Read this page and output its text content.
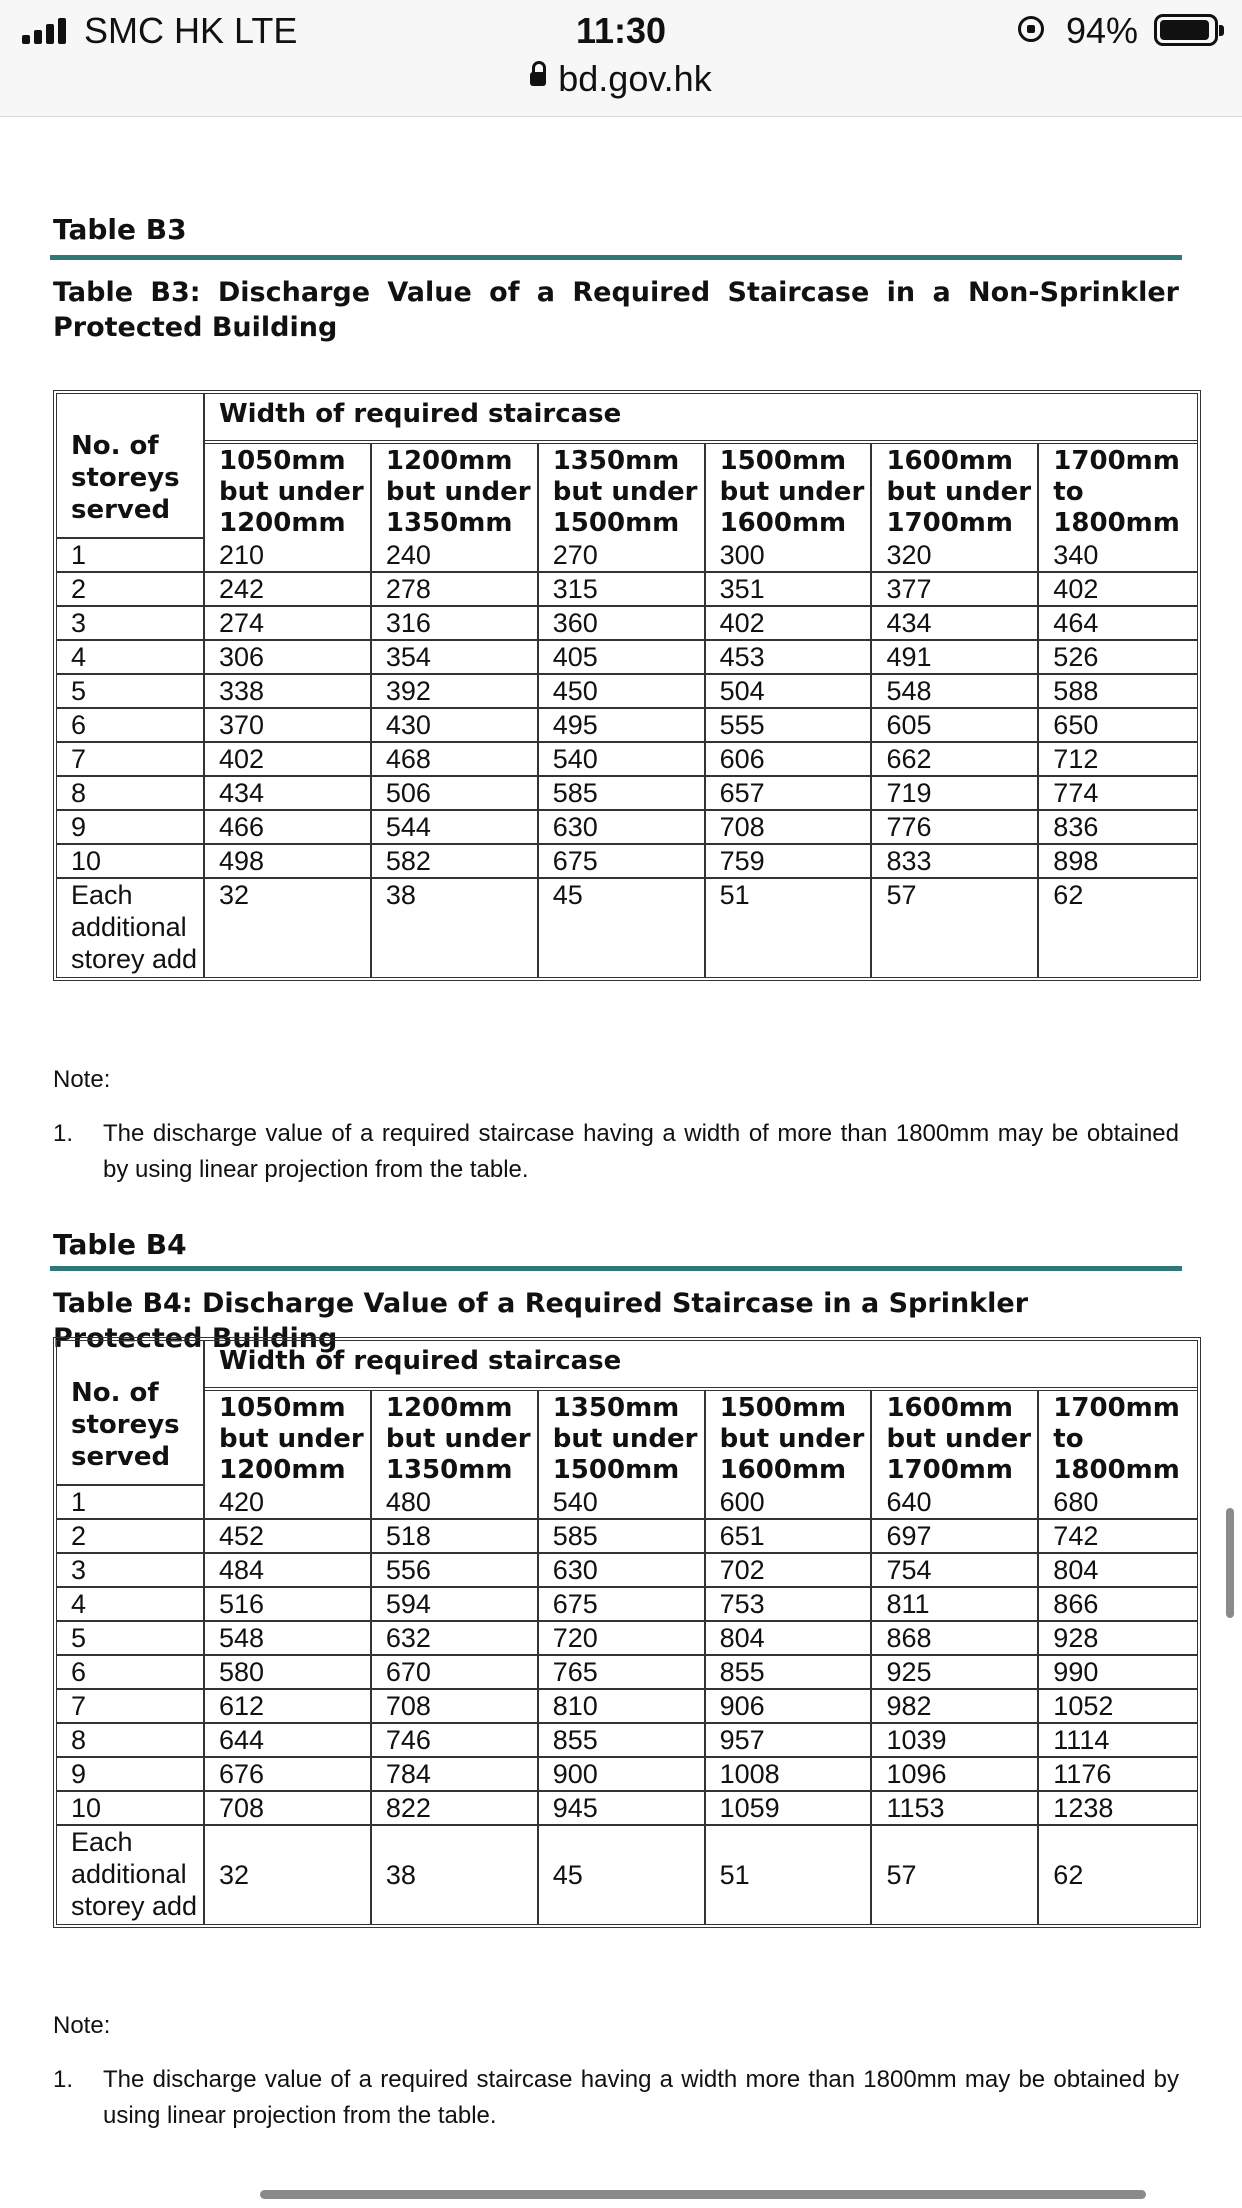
SMC HK LTE	11:30
bd.gov.hk
94%
Table B3
Table B3: Discharge Value of a Required Staircase in a Non-Sprinkler Protected Building
No. of storeys served	Width of required staircase					
	1050mm but under 1200mm	1200mm but under 1350mm	1350mm but under 1500mm	1500mm but under 1600mm	1600mm but under 1700mm	1700mm to 1800mm
1	210	240	270	300	320	340
2	242	278	315	351	377	402
3	274	316	360	402	434	464
4	306	354	405	453	491	526
5	338	392	450	504	548	588
6	370	430	495	555	605	650
7	402	468	540	606	662	712
8	434	506	585	657	719	774
9	466	544	630	708	776	836
10	498	582	675	759	833	898
Each additional storey add	32	38	45	51	57	62
Note:
1. The discharge value of a required staircase having a width of more than 1800mm may be obtained by using linear projection from the table.
Table B4
Table B4: Discharge Value of a Required Staircase in a Sprinkler Protected Building
No. of storeys served	Width of required staircase					
	1050mm but under 1200mm	1200mm but under 1350mm	1350mm but under 1500mm	1500mm but under 1600mm	1600mm but under 1700mm	1700mm to 1800mm
1	420	480	540	600	640	680
2	452	518	585	651	697	742
3	484	556	630	702	754	804
4	516	594	675	753	811	866
5	548	632	720	804	868	928
6	580	670	765	855	925	990
7	612	708	810	906	982	1052
8	644	746	855	957	1039	1114
9	676	784	900	1008	1096	1176
10	708	822	945	1059	1153	1238
Each additional storey add	32	38	45	51	57	62
Note:
1. The discharge value of a required staircase having a width more than 1800mm may be obtained by using linear projection from the table.
